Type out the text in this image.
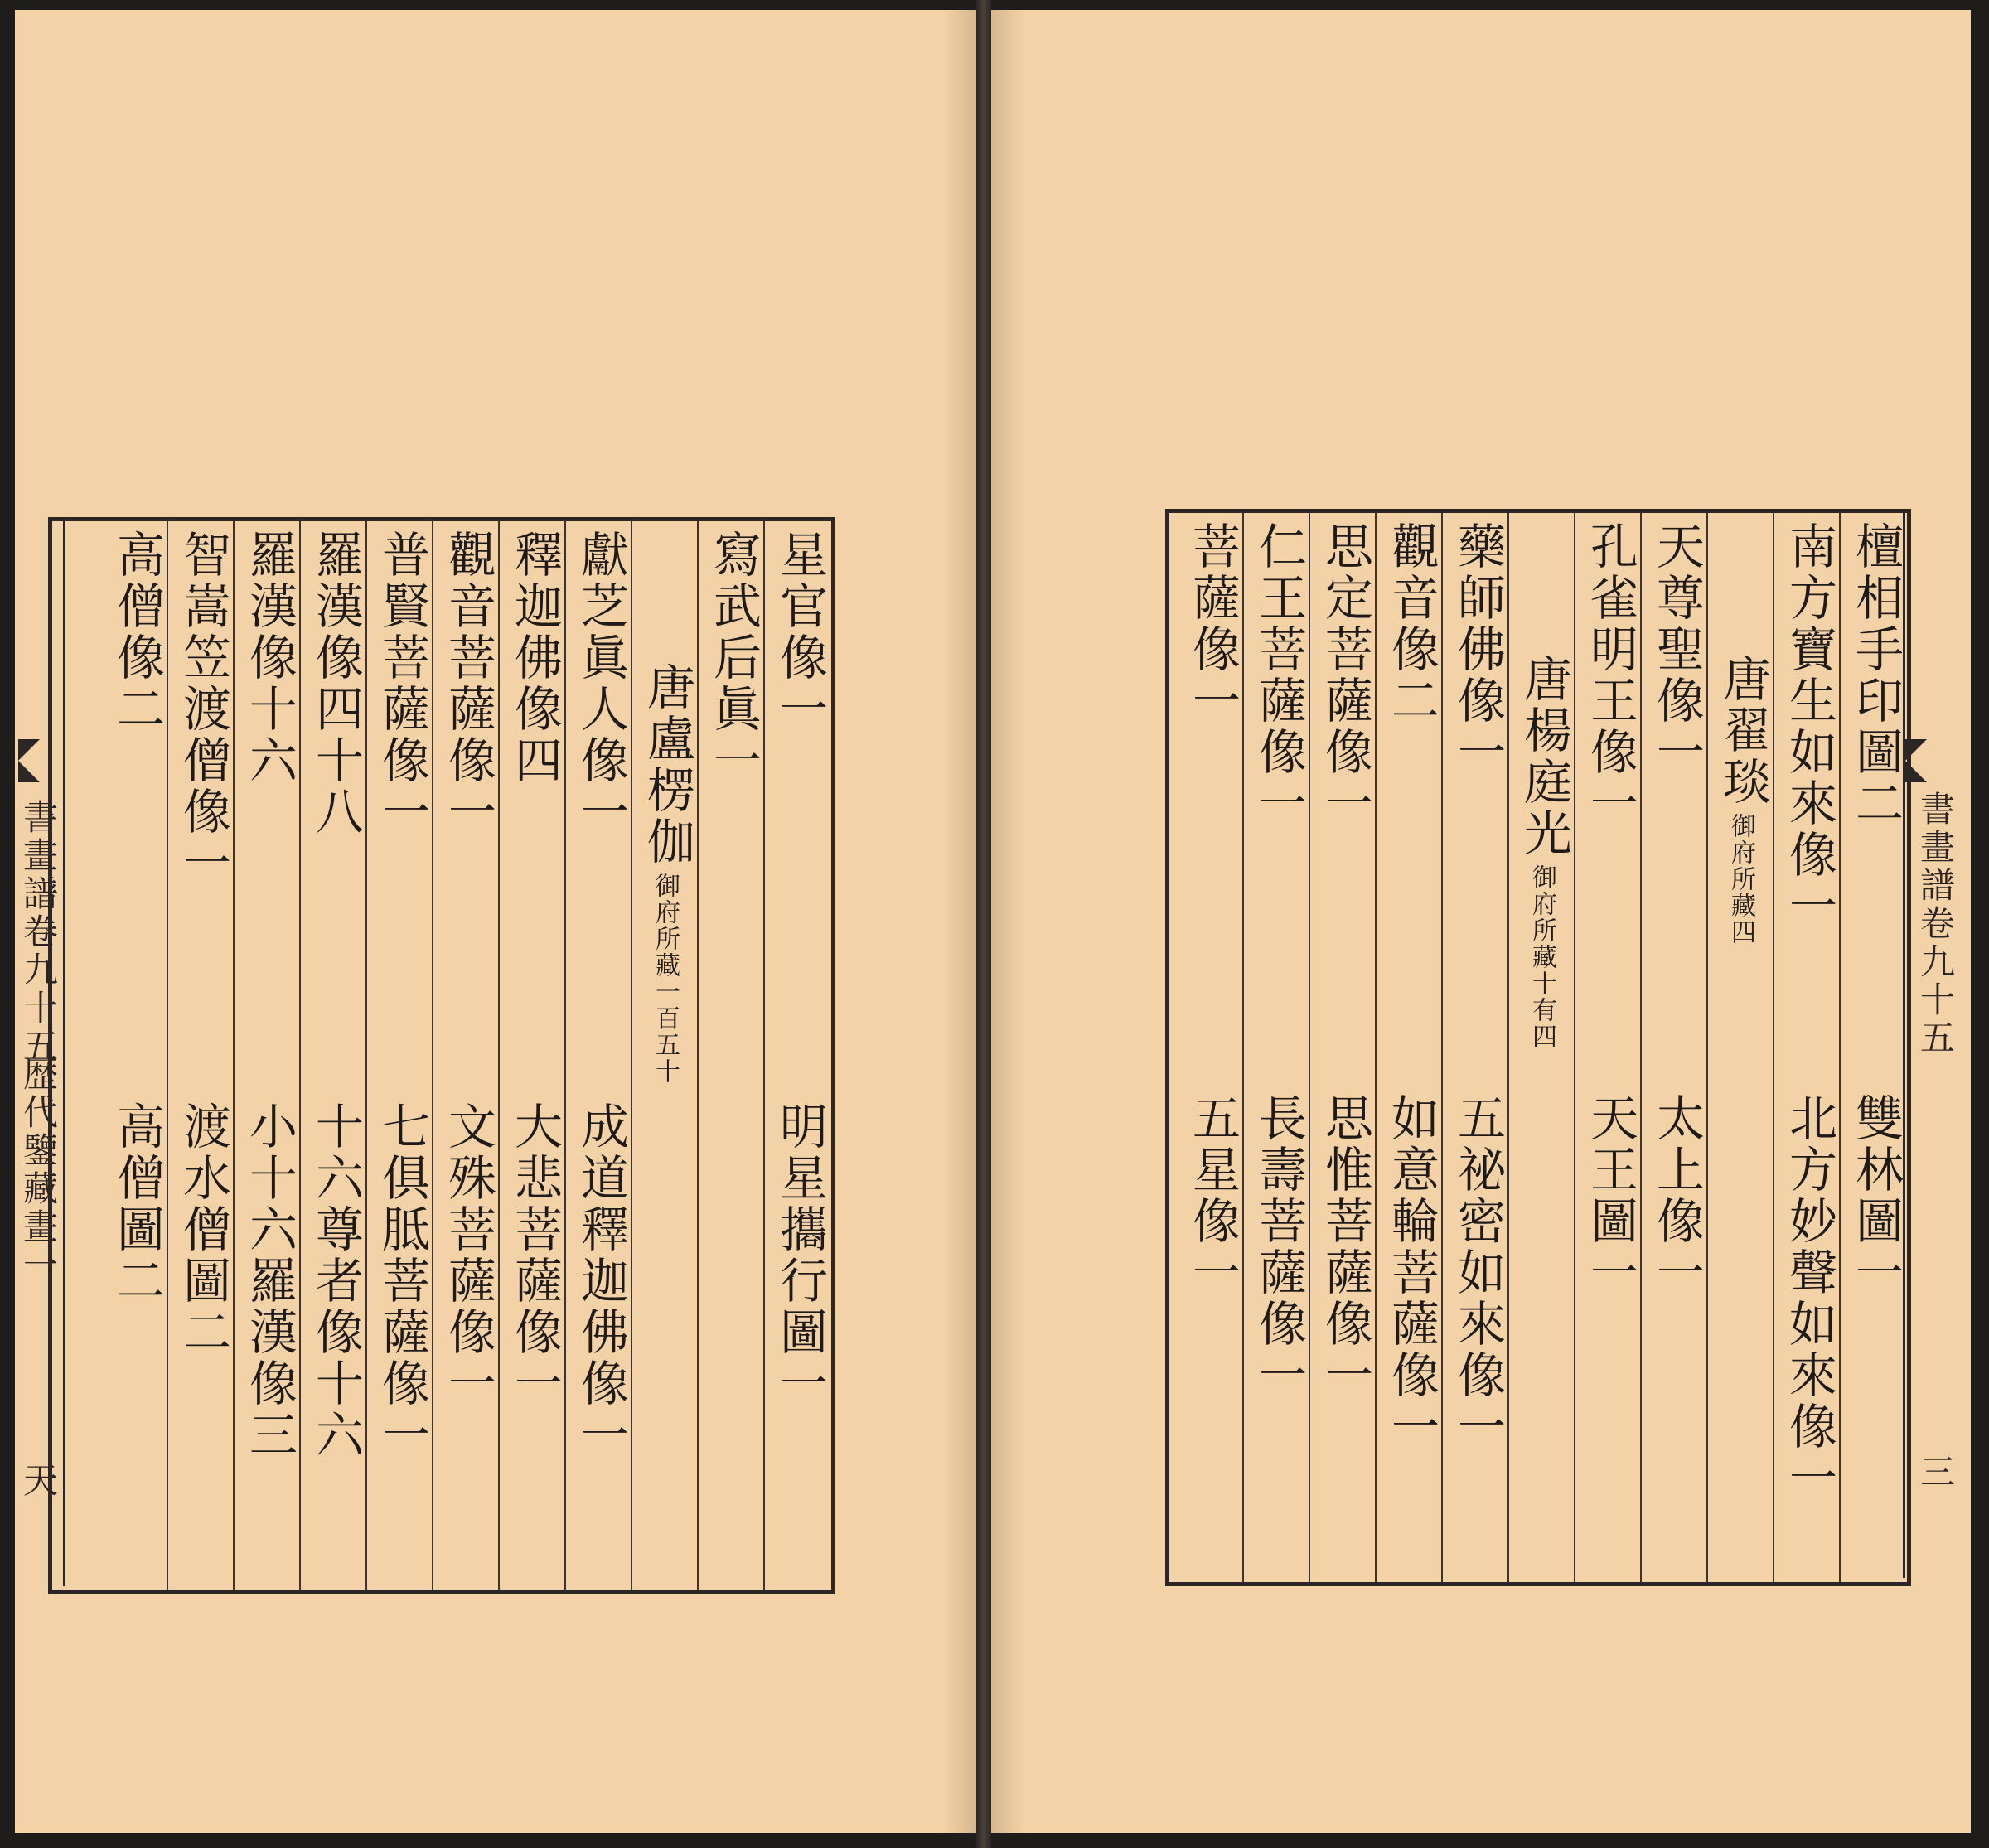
書畫譜卷九十五
歴代鑒藏畫一
天
星官像一
明星攜行圖一
寫武后眞一
唐盧楞伽
御府所藏一百五十
獻芝眞人像一
成道釋迦佛像一
釋迦佛像四
大悲菩薩像一
觀音菩薩像一
文殊菩薩像一
普賢菩薩像一
七俱胝菩薩像一
羅漢像四十八
十六尊者像十六
羅漢像十六
小十六羅漢像三
智嵩笠渡僧像一
渡水僧圖二
高僧像二
高僧圖二
檀相手印圖二
雙林圖一
南方寶生如來像一
北方妙聲如來像一
唐翟琰
御府所藏四
天尊聖像一
太上像一
孔雀明王像一
天王圖一
唐楊庭光
御府所藏十有四
藥師佛像一
五祕密如來像一
觀音像二
如意輪菩薩像一
思定菩薩像一
思惟菩薩像一
仁王菩薩像一
長壽菩薩像一
菩薩像一
五星像一
書畫譜卷九十五
三
